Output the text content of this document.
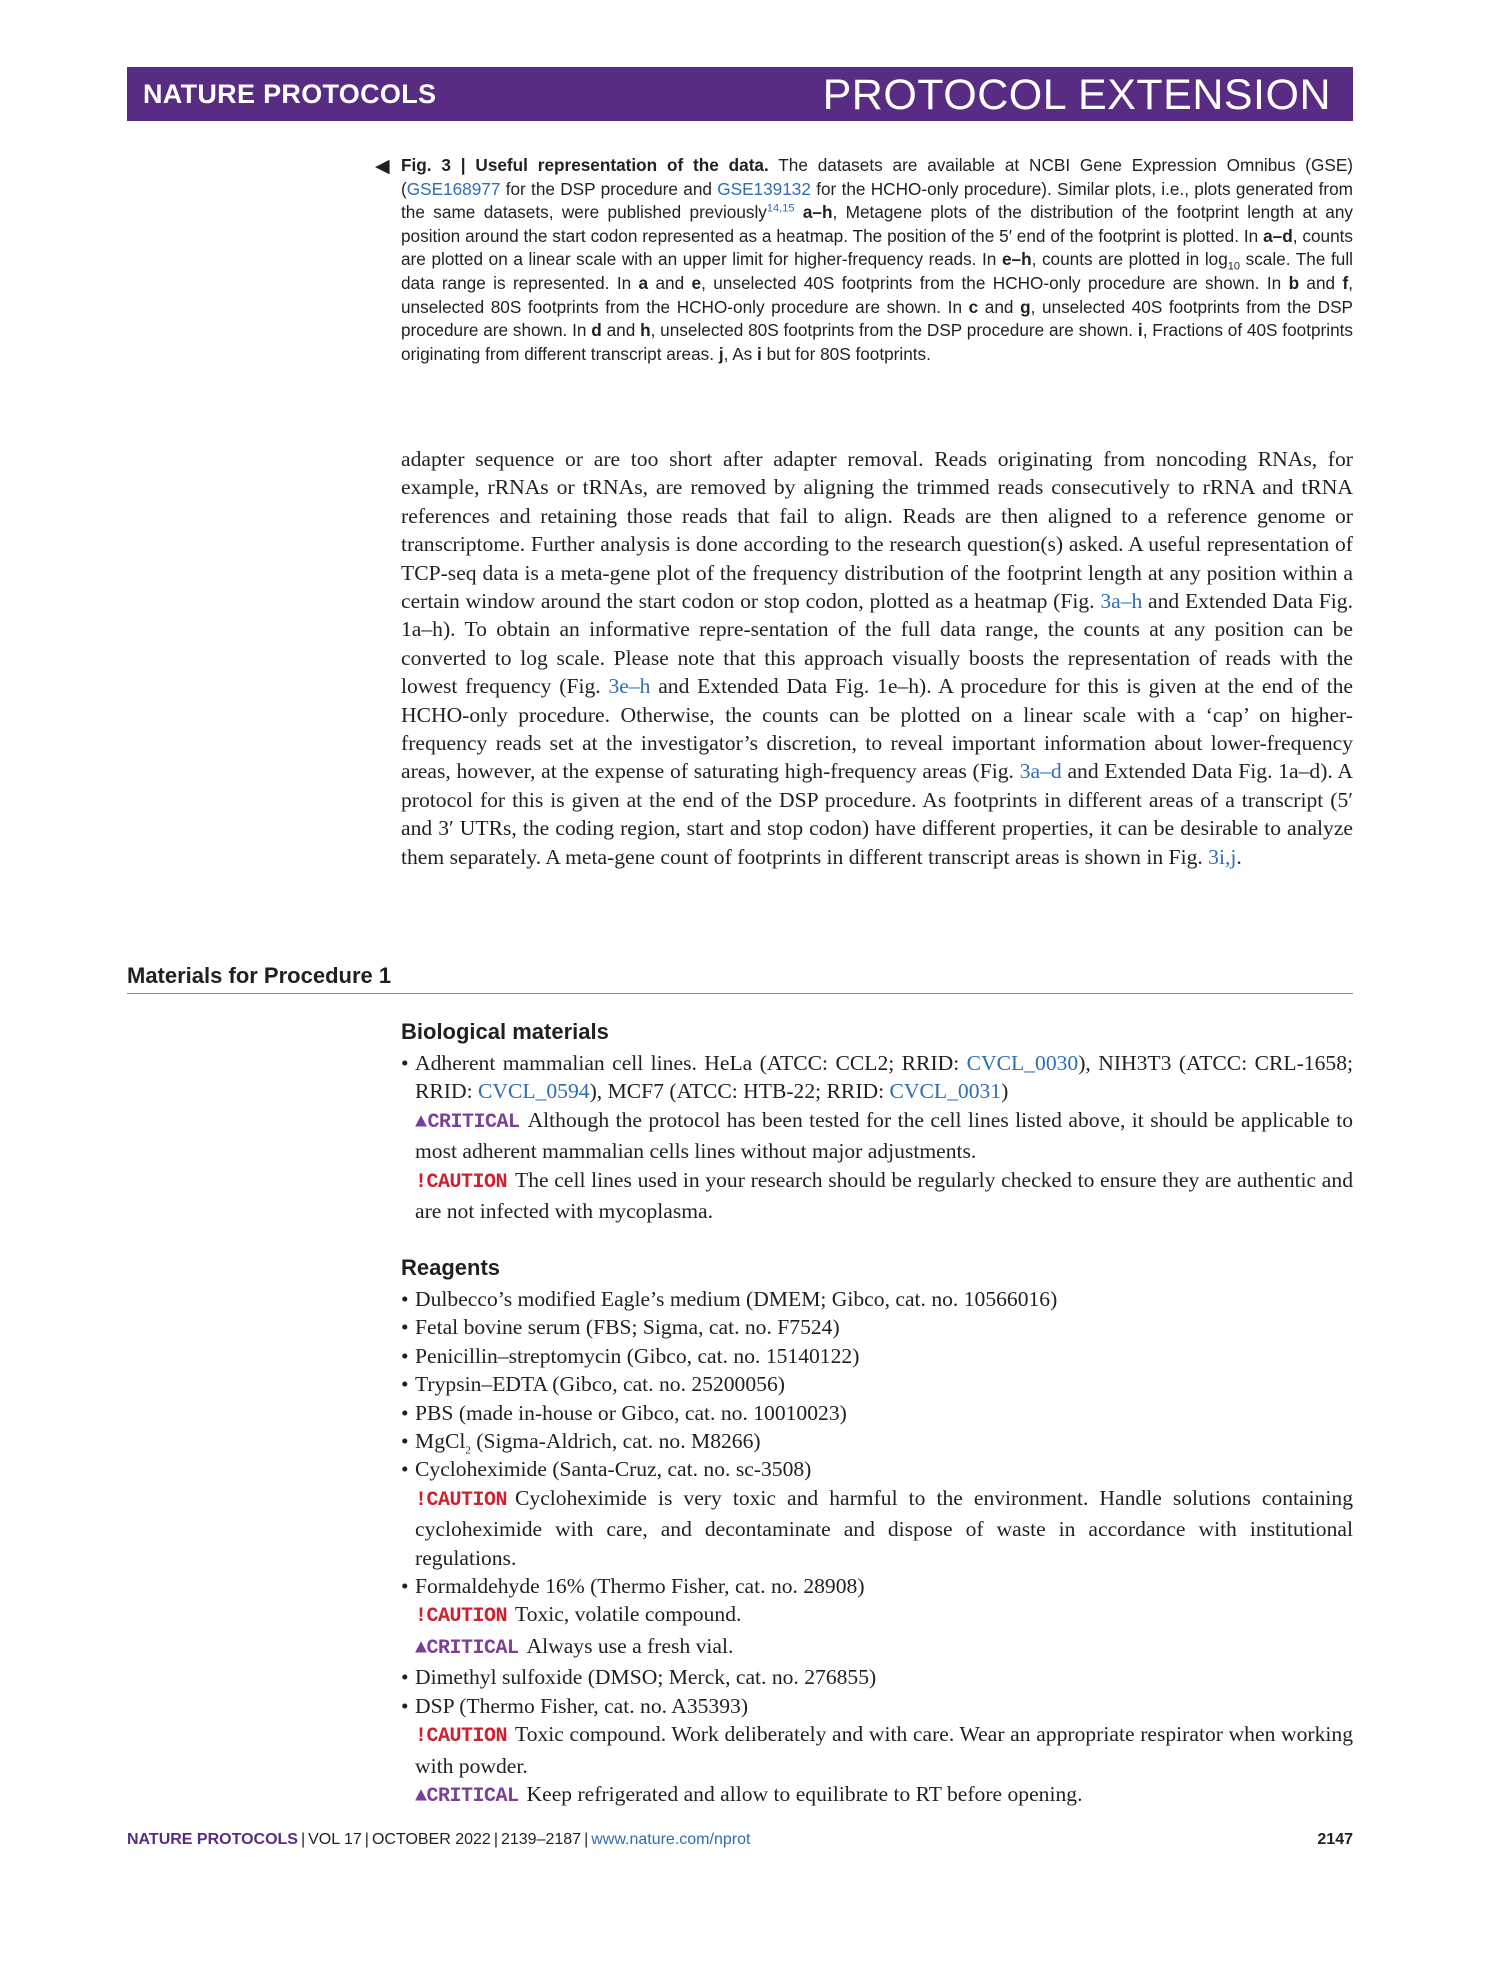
NATURE PROTOCOLS	PROTOCOL EXTENSION
◀ Fig. 3 | Useful representation of the data. The datasets are available at NCBI Gene Expression Omnibus (GSE) (GSE168977 for the DSP procedure and GSE139132 for the HCHO-only procedure). Similar plots, i.e., plots generated from the same datasets, were published previously$^{14,15}$ a–h, Metagene plots of the distribution of the footprint length at any position around the start codon represented as a heatmap. The position of the 5′ end of the footprint is plotted. In a–d, counts are plotted on a linear scale with an upper limit for higher-frequency reads. In e–h, counts are plotted in $\log_{10}$ scale. The full data range is represented. In a and e, unselected 40S footprints from the HCHO-only procedure are shown. In b and f, unselected 80S footprints from the HCHO-only procedure are shown. In c and g, unselected 40S footprints from the DSP procedure are shown. In d and h, unselected 80S footprints from the DSP procedure are shown. i, Fractions of 40S footprints originating from different transcript areas. j, As i but for 80S footprints.

adapter sequence or are too short after adapter removal. Reads originating from noncoding RNAs, for example, rRNAs or tRNAs, are removed by aligning the trimmed reads consecutively to rRNA and tRNA references and retaining those reads that fail to align. Reads are then aligned to a reference genome or transcriptome. Further analysis is done according to the research question(s) asked. A useful representation of TCP-seq data is a meta-gene plot of the frequency distribution of the footprint length at any position within a certain window around the start codon or stop codon, plotted as a heatmap (Fig. 3a–h and Extended Data Fig. 1a–h). To obtain an informative repre-sentation of the full data range, the counts at any position can be converted to log scale. Please note that this approach visually boosts the representation of reads with the lowest frequency (Fig. 3e–h and Extended Data Fig. 1e–h). A procedure for this is given at the end of the HCHO-only procedure. Otherwise, the counts can be plotted on a linear scale with a ‘cap’ on higher-frequency reads set at the investigator’s discretion, to reveal important information about lower-frequency areas, however, at the expense of saturating high-frequency areas (Fig. 3a–d and Extended Data Fig. 1a–d). A protocol for this is given at the end of the DSP procedure. As footprints in different areas of a transcript (5′ and 3′ UTRs, the coding region, start and stop codon) have different properties, it can be desirable to analyze them separately. A meta-gene count of footprints in different transcript areas is shown in Fig. 3i,j.

Materials for Procedure 1
Biological materials
• Adherent mammalian cell lines. HeLa (ATCC: CCL2; RRID: CVCL_0030), NIH3T3 (ATCC: CRL-1658; RRID: CVCL_0594), MCF7 (ATCC: HTB-22; RRID: CVCL_0031)
▲CRITICAL Although the protocol has been tested for the cell lines listed above, it should be applicable to most adherent mammalian cells lines without major adjustments.
!CAUTION The cell lines used in your research should be regularly checked to ensure they are authentic and are not infected with mycoplasma.
Reagents
• Dulbecco’s modified Eagle’s medium (DMEM; Gibco, cat. no. 10566016)
• Fetal bovine serum (FBS; Sigma, cat. no. F7524)
• Penicillin–streptomycin (Gibco, cat. no. 15140122)
• Trypsin–EDTA (Gibco, cat. no. 25200056)
• PBS (made in-house or Gibco, cat. no. 10010023)
• MgCl$_2$ (Sigma-Aldrich, cat. no. M8266)
• Cycloheximide (Santa-Cruz, cat. no. sc-3508)
!CAUTION Cycloheximide is very toxic and harmful to the environment. Handle solutions containing cycloheximide with care, and decontaminate and dispose of waste in accordance with institutional regulations.
• Formaldehyde 16% (Thermo Fisher, cat. no. 28908)
!CAUTION Toxic, volatile compound.
▲CRITICAL Always use a fresh vial.
• Dimethyl sulfoxide (DMSO; Merck, cat. no. 276855)
• DSP (Thermo Fisher, cat. no. A35393)
!CAUTION Toxic compound. Work deliberately and with care. Wear an appropriate respirator when working with powder.
▲CRITICAL Keep refrigerated and allow to equilibrate to RT before opening.
NATURE PROTOCOLS | VOL 17 | OCTOBER 2022 | 2139–2187 | www.nature.com/nprot	2147
